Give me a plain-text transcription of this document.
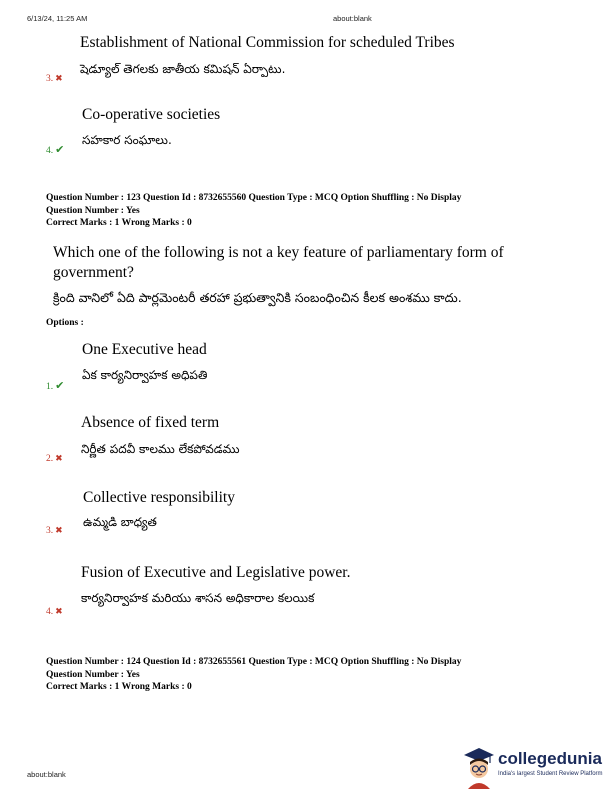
6/13/24, 11:25 AM	about:blank
Establishment of National Commission for scheduled Tribes
షెడ్యూల్ తెగలకు జాతీయ కమిషన్ ఏర్పాటు.
3. ✖
Co-operative societies
సహకార సంఘాలు.
4. ✔
Question Number : 123 Question Id : 8732655560 Question Type : MCQ Option Shuffling : No Display
Question Number : Yes
Correct Marks : 1 Wrong Marks : 0
Which one of the following is not a key feature of parliamentary form of government?
క్రింది వానిలో ఏది పార్లమెంటరీ తరహా ప్రభుత్వానికి సంబంధించిన కీలక అంశము కాదు.
Options :
One Executive head
ఏక కార్యనిర్వాహక అధిపతి
1. ✔
Absence of fixed term
నిర్ణీత పదవీ కాలము లేకపోవడము
2. ✖
Collective responsibility
ఉమ్మడి బాధ్యత
3. ✖
Fusion of Executive and Legislative power.
కార్యనిర్వాహక మరియు శాసన అధికారాల కలయిక
4. ✖
Question Number : 124 Question Id : 8732655561 Question Type : MCQ Option Shuffling : No Display
Question Number : Yes
Correct Marks : 1 Wrong Marks : 0
about:blank
collegedunia
India's largest Student Review Platform
